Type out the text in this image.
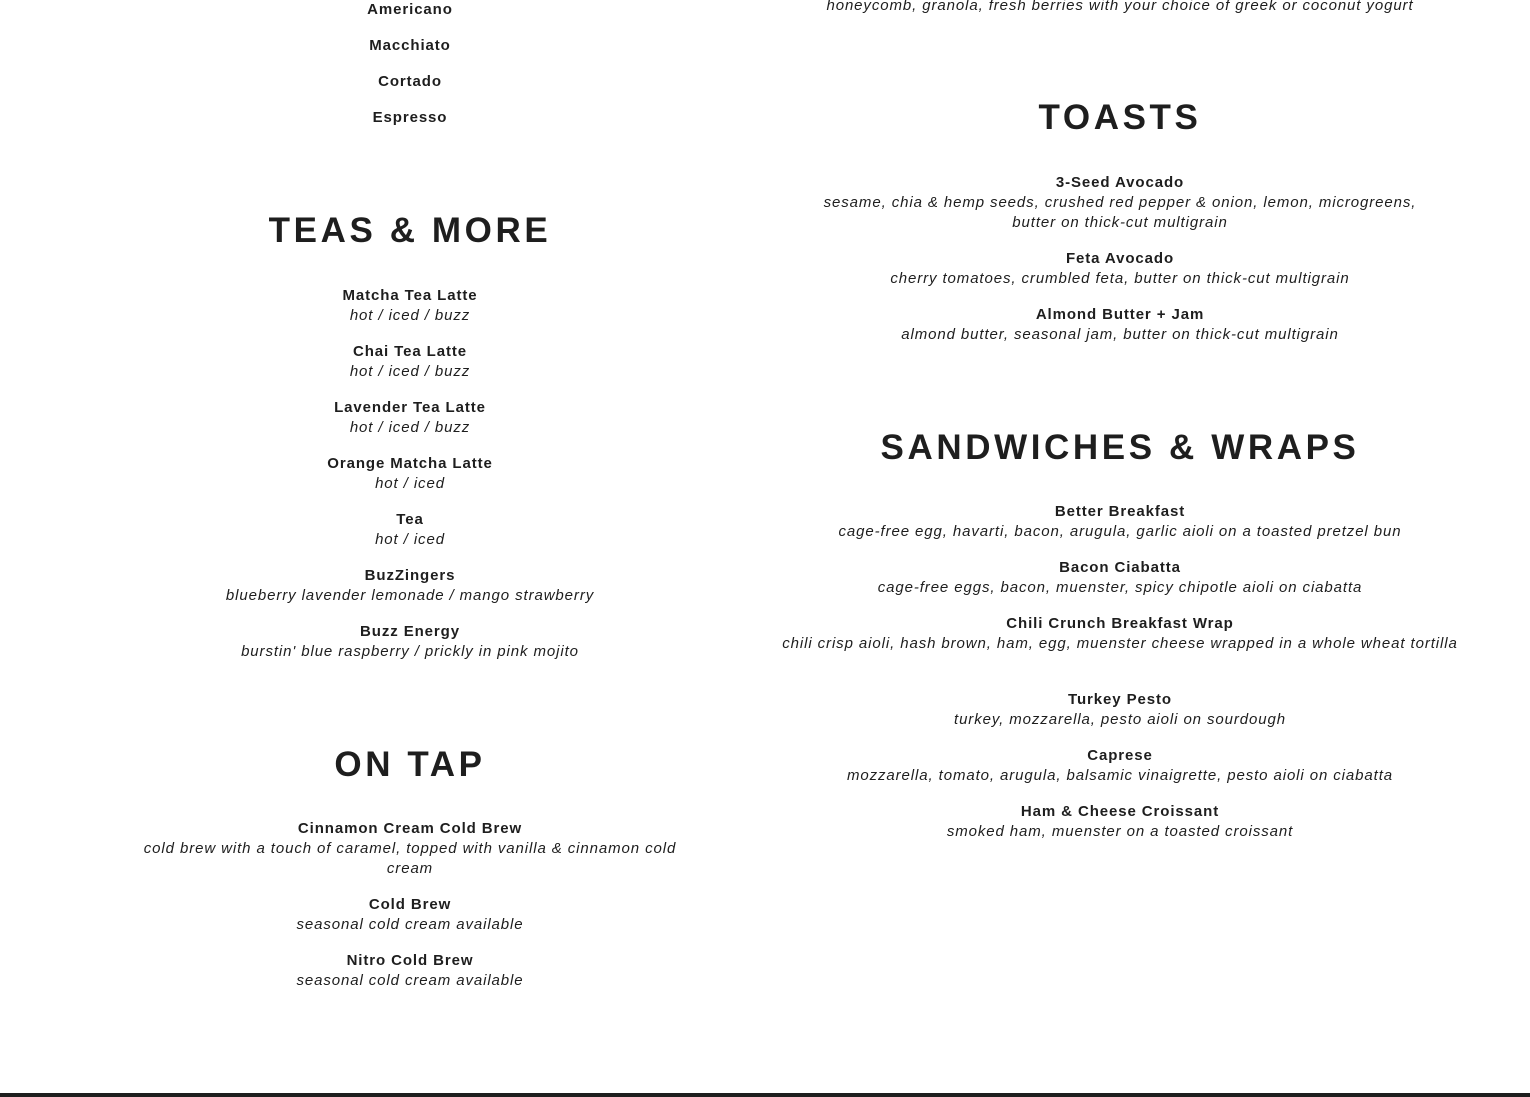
Americano
Macchiato
Cortado
Espresso
TEAS & MORE
Matcha Tea Latte
hot / iced / buzz
Chai Tea Latte
hot / iced / buzz
Lavender Tea Latte
hot / iced / buzz
Orange Matcha Latte
hot / iced
Tea
hot / iced
BuzZingers
blueberry lavender lemonade / mango strawberry
Buzz Energy
burstin' blue raspberry / prickly in pink mojito
ON TAP
Cinnamon Cream Cold Brew
cold brew with a touch of caramel, topped with vanilla & cinnamon cold cream
Cold Brew
seasonal cold cream available
Nitro Cold Brew
seasonal cold cream available
honeycomb, granola, fresh berries with your choice of greek or coconut yogurt
TOASTS
3-Seed Avocado
sesame, chia & hemp seeds, crushed red pepper & onion, lemon, microgreens, butter on thick-cut multigrain
Feta Avocado
cherry tomatoes, crumbled feta, butter on thick-cut multigrain
Almond Butter + Jam
almond butter, seasonal jam, butter on thick-cut multigrain
SANDWICHES & WRAPS
Better Breakfast
cage-free egg, havarti, bacon, arugula, garlic aioli on a toasted pretzel bun
Bacon Ciabatta
cage-free eggs, bacon, muenster, spicy chipotle aioli on ciabatta
Chili Crunch Breakfast Wrap
chili crisp aioli, hash brown, ham, egg, muenster cheese wrapped in a whole wheat tortilla
Turkey Pesto
turkey, mozzarella, pesto aioli on sourdough
Caprese
mozzarella, tomato, arugula, balsamic vinaigrette, pesto aioli on ciabatta
Ham & Cheese Croissant
smoked ham, muenster on a toasted croissant
